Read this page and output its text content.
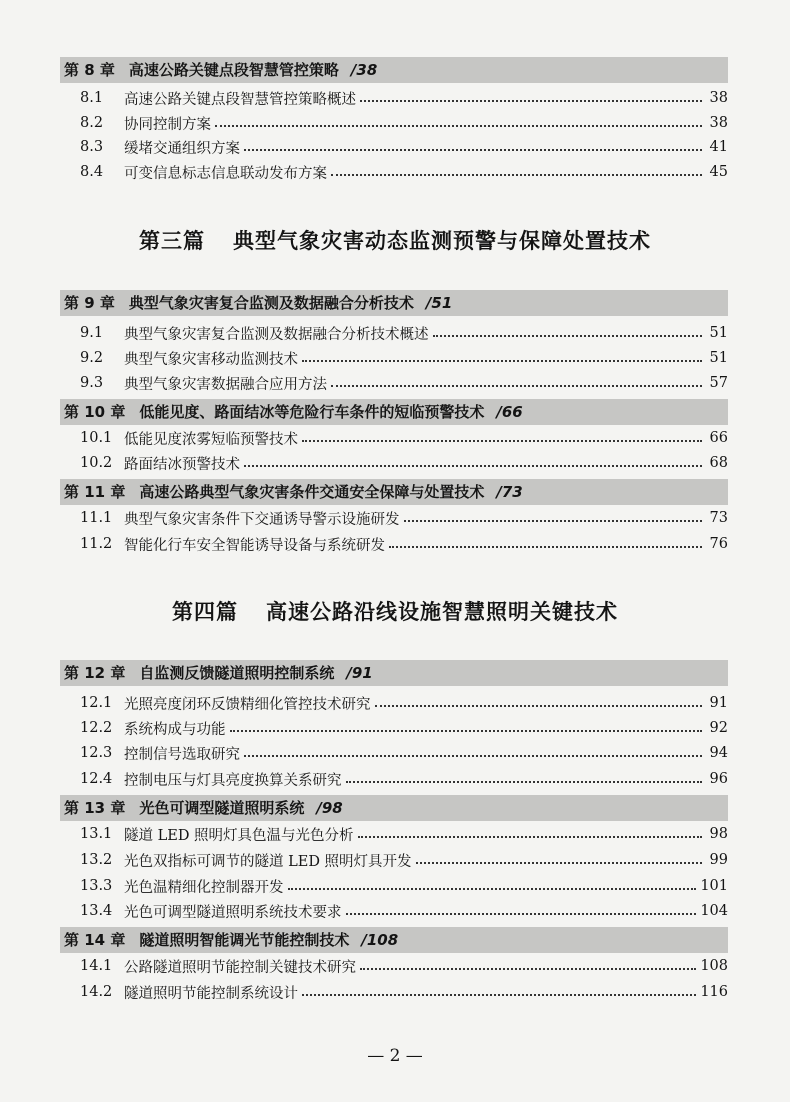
第 8 章 高速公路关键点段智慧管控策略 /38
8.1	高速公路关键点段智慧管控策略概述	38
8.2	协同控制方案	38
8.3	缓堵交通组织方案	41
8.4	可变信息标志信息联动发布方案	45
第三篇 典型气象灾害动态监测预警与保障处置技术
第 9 章 典型气象灾害复合监测及数据融合分析技术 /51
9.1	典型气象灾害复合监测及数据融合分析技术概述	51
9.2	典型气象灾害移动监测技术	51
9.3	典型气象灾害数据融合应用方法	57
第 10 章 低能见度、路面结冰等危险行车条件的短临预警技术 /66
10.1 低能见度浓雾短临预警技术	66
10.2 路面结冰预警技术	68
第 11 章 高速公路典型气象灾害条件交通安全保障与处置技术 /73
11.1 典型气象灾害条件下交通诱导警示设施研发	73
11.2 智能化行车安全智能诱导设备与系统研发	76
第四篇 高速公路沿线设施智慧照明关键技术
第 12 章 自监测反馈隧道照明控制系统 /91
12.1 光照亮度闭环反馈精细化管控技术研究	91
12.2 系统构成与功能	92
12.3 控制信号选取研究	94
12.4 控制电压与灯具亮度换算关系研究	96
第 13 章 光色可调型隧道照明系统 /98
13.1 隧道 LED 照明灯具色温与光色分析	98
13.2 光色双指标可调节的隧道 LED 照明灯具开发	99
13.3 光色温精细化控制器开发	101
13.4 光色可调型隧道照明系统技术要求	104
第 14 章 隧道照明智能调光节能控制技术 /108
14.1 公路隧道照明节能控制关键技术研究	108
14.2 隧道照明节能控制系统设计	116
— 2 —
